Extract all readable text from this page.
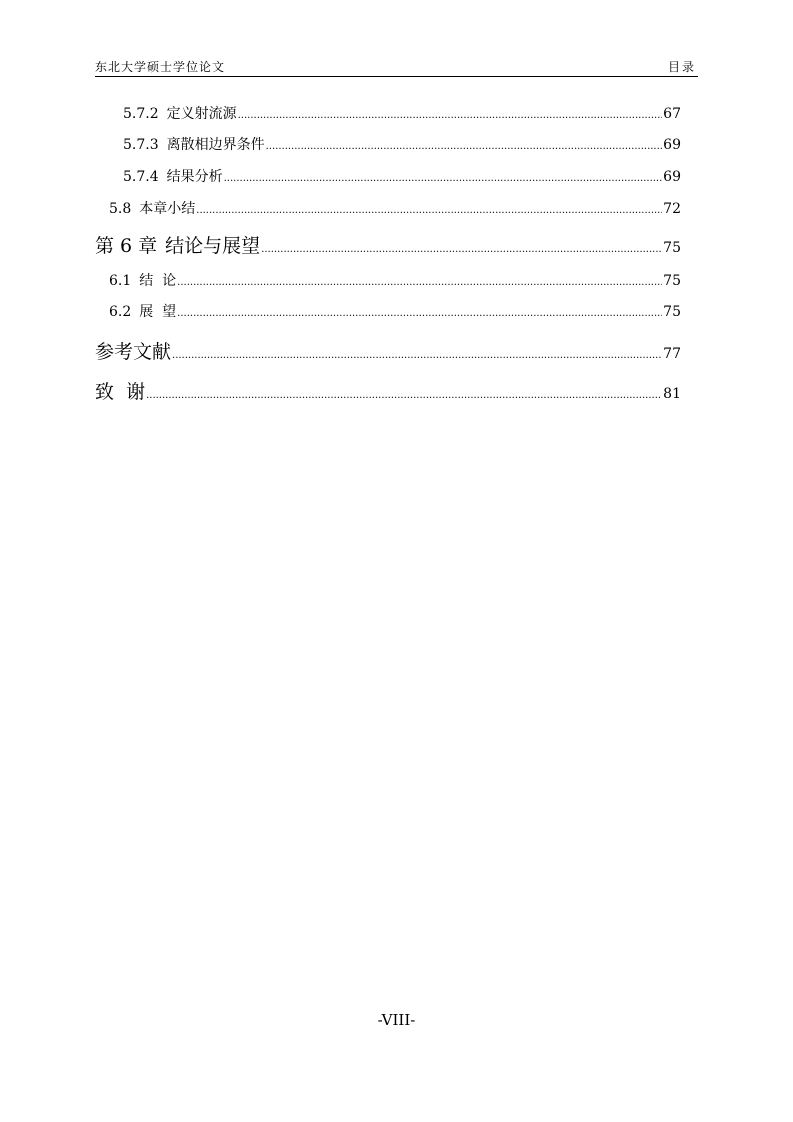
东北大学硕士学位论文	目录
5.7.2 定义射流源 .....	67
5.7.3 离散相边界条件 .....	69
5.7.4 结果分析 .....	69
5.8 本章小结 .....	72
第 6 章 结论与展望 .....	75
6.1 结  论 .....	75
6.2 展  望 .....	75
参考文献 .....	77
致  谢 .....	81
-VIII-
